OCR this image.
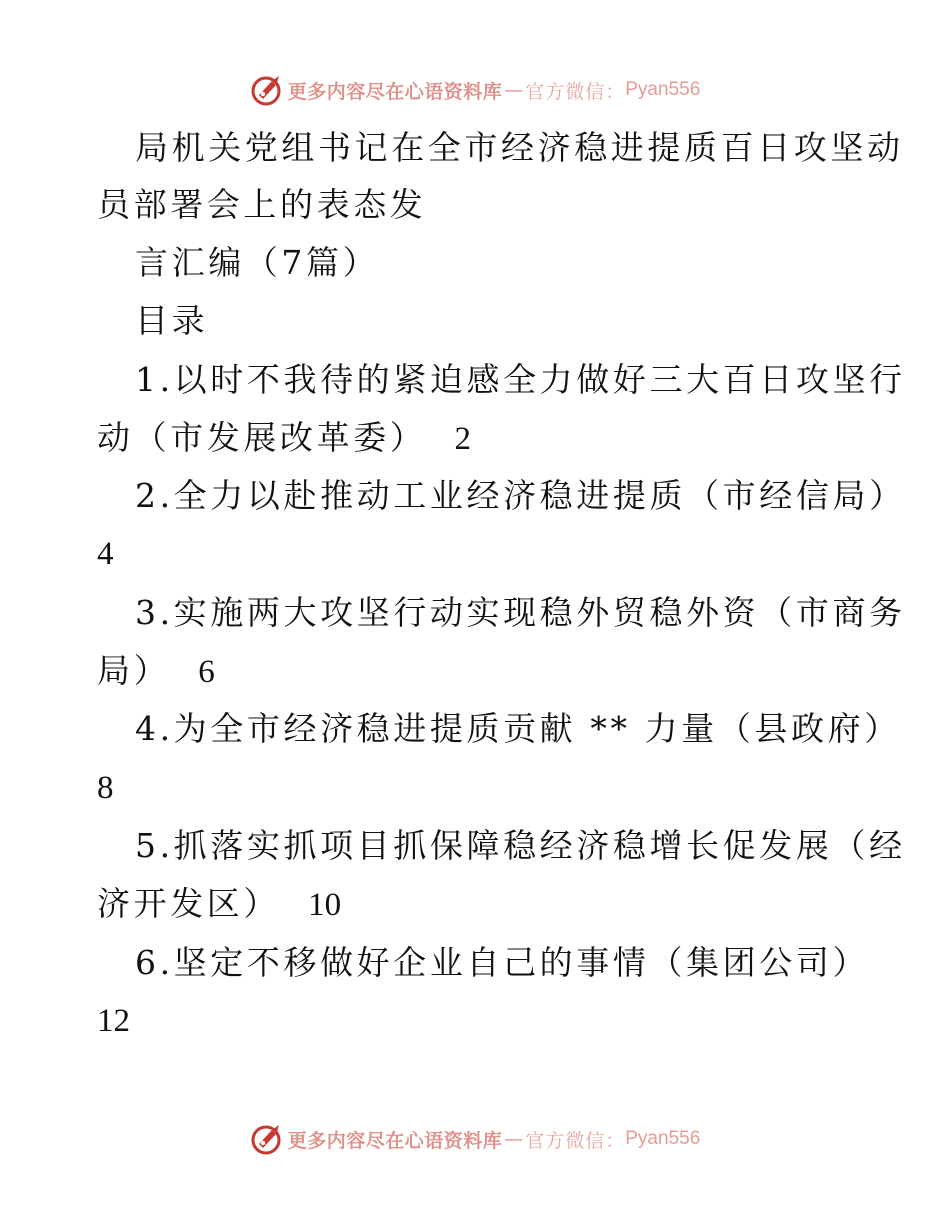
更多内容尽在心语资料库 — 官方微信： Pyan556
局机关党组书记在全市经济稳进提质百日攻坚动
员部署会上的表态发
言汇编（7篇）
目录
1.以时不我待的紧迫感全力做好三大百日攻坚行
动（市发展改革委） 2
2.全力以赴推动工业经济稳进提质（市经信局）
4
3.实施两大攻坚行动实现稳外贸稳外资（市商务
局） 6
4.为全市经济稳进提质贡献 ** 力量（县政府）
8
5.抓落实抓项目抓保障稳经济稳增长促发展（经
济开发区） 10
6.坚定不移做好企业自己的事情（集团公司）
12
更多内容尽在心语资料库 — 官方微信： Pyan556
